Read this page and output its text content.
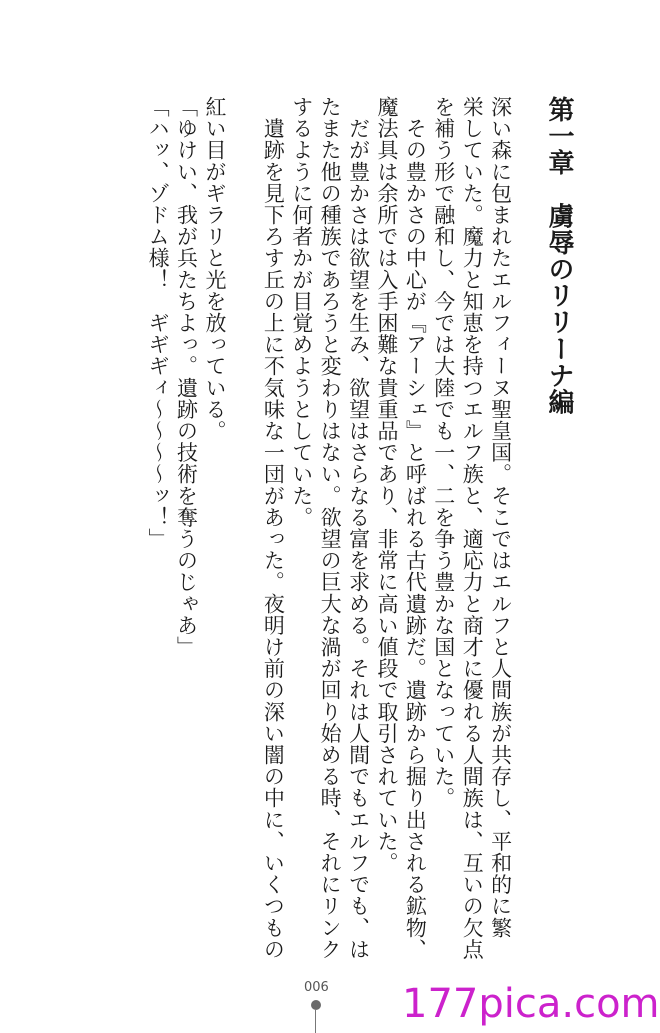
第一章　虜辱のリリーナ編
深い森に包まれたエルフィーヌ聖皇国。そこではエルフと人間族が共存し、平和的に繁
栄していた。魔力と知恵を持つエルフ族と、適応力と商才に優れる人間族は、互いの欠点
を補う形で融和し、今では大陸でも一、二を争う豊かな国となっていた。
　その豊かさの中心が『アーシェ』と呼ばれる古代遺跡だ。遺跡から掘り出される鉱物、
魔法具は余所では入手困難な貴重品であり、非常に高い値段で取引されていた。
　だが豊かさは欲望を生み、欲望はさらなる富を求める。それは人間でもエルフでも、は
たまた他の種族であろうと変わりはない。欲望の巨大な渦が回り始める時、それにリンク
するように何者かが目覚めようとしていた。
　遺跡を見下ろす丘の上に不気味な一団があった。夜明け前の深い闇の中に、いくつもの
紅い目がギラリと光を放っている。
「ゆけい、我が兵たちよっ。遺跡の技術を奪うのじゃあ」
「ハッ、ゾドム様！　ギギギィ～～～～ッ！」
006 177pica.com
